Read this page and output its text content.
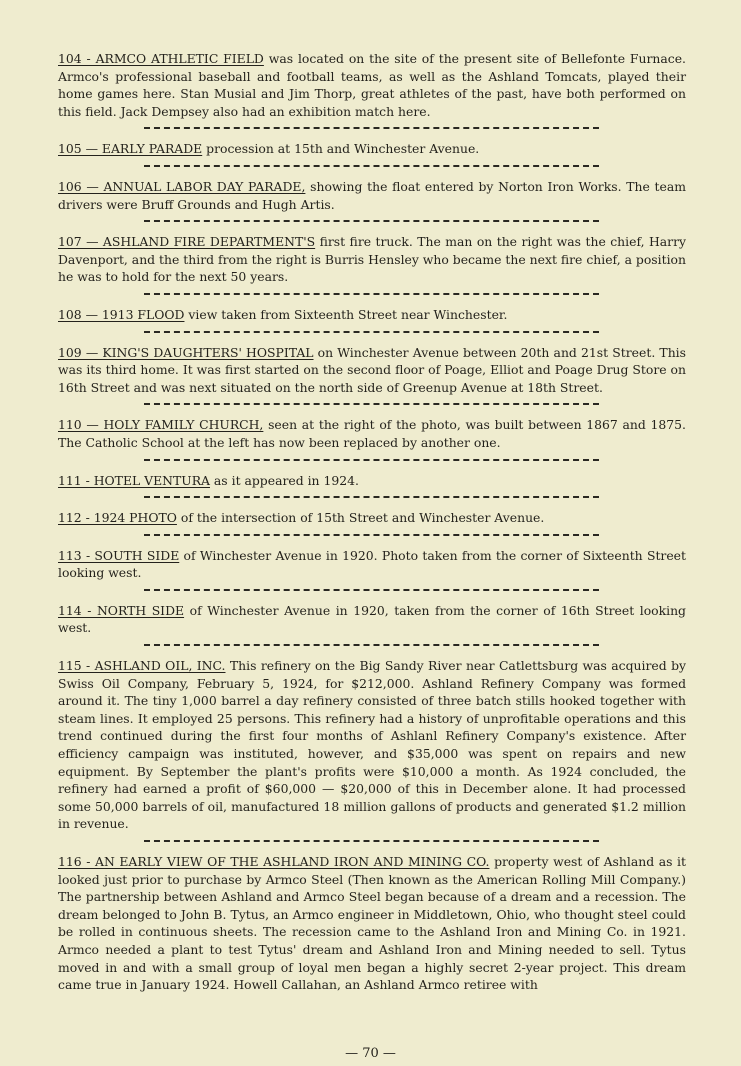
104 - ARMCO ATHLETIC FIELD was located on the site of the present site of Bellefonte Furnace. Armco's professional baseball and football teams, as well as the Ashland Tomcats, played their home games here. Stan Musial and Jim Thorp, great athletes of the past, have both performed on this field. Jack Dempsey also had an exhibition match here.

105 — EARLY PARADE procession at 15th and Winchester Avenue.

106 — ANNUAL LABOR DAY PARADE, showing the float entered by Norton Iron Works. The team drivers were Bruff Grounds and Hugh Artis.

107 — ASHLAND FIRE DEPARTMENT'S first fire truck. The man on the right was the chief, Harry Davenport, and the third from the right is Burris Hensley who became the next fire chief, a position he was to hold for the next 50 years.

108 — 1913 FLOOD view taken from Sixteenth Street near Winchester.

109 — KING'S DAUGHTERS' HOSPITAL on Winchester Avenue between 20th and 21st Street. This was its third home. It was first started on the second floor of Poage, Elliot and Poage Drug Store on 16th Street and was next situated on the north side of Greenup Avenue at 18th Street.

110 — HOLY FAMILY CHURCH, seen at the right of the photo, was built between 1867 and 1875. The Catholic School at the left has now been replaced by another one.

111 - HOTEL VENTURA as it appeared in 1924.

112 - 1924 PHOTO of the intersection of 15th Street and Winchester Avenue.

113 - SOUTH SIDE of Winchester Avenue in 1920. Photo taken from the corner of Sixteenth Street looking west.

114 - NORTH SIDE of Winchester Avenue in 1920, taken from the corner of 16th Street looking west.

115 - ASHLAND OIL, INC. This refinery on the Big Sandy River near Catlettsburg was acquired by Swiss Oil Company, February 5, 1924, for $212,000. Ashland Refinery Company was formed around it. The tiny 1,000 barrel a day refinery consisted of three batch stills hooked together with steam lines. It employed 25 persons. This refinery had a history of unprofitable operations and this trend continued during the first four months of Ashlanl Refinery Company's existence. After efficiency campaign was instituted, however, and $35,000 was spent on repairs and new equipment. By September the plant's profits were $10,000 a month. As 1924 concluded, the refinery had earned a profit of $60,000 — $20,000 of this in December alone. It had processed some 50,000 barrels of oil, manufactured 18 million gallons of products and generated $1.2 million in revenue.

116 - AN EARLY VIEW OF THE ASHLAND IRON AND MINING CO. property west of Ashland as it looked just prior to purchase by Armco Steel (Then known as the American Rolling Mill Company.) The partnership between Ashland and Armco Steel began because of a dream and a recession. The dream belonged to John B. Tytus, an Armco engineer in Middletown, Ohio, who thought steel could be rolled in continuous sheets. The recession came to the Ashland Iron and Mining Co. in 1921. Armco needed a plant to test Tytus' dream and Ashland Iron and Mining needed to sell. Tytus moved in and with a small group of loyal men began a highly secret 2-year project. This dream came true in January 1924. Howell Callahan, an Ashland Armco retiree with

— 70 —
